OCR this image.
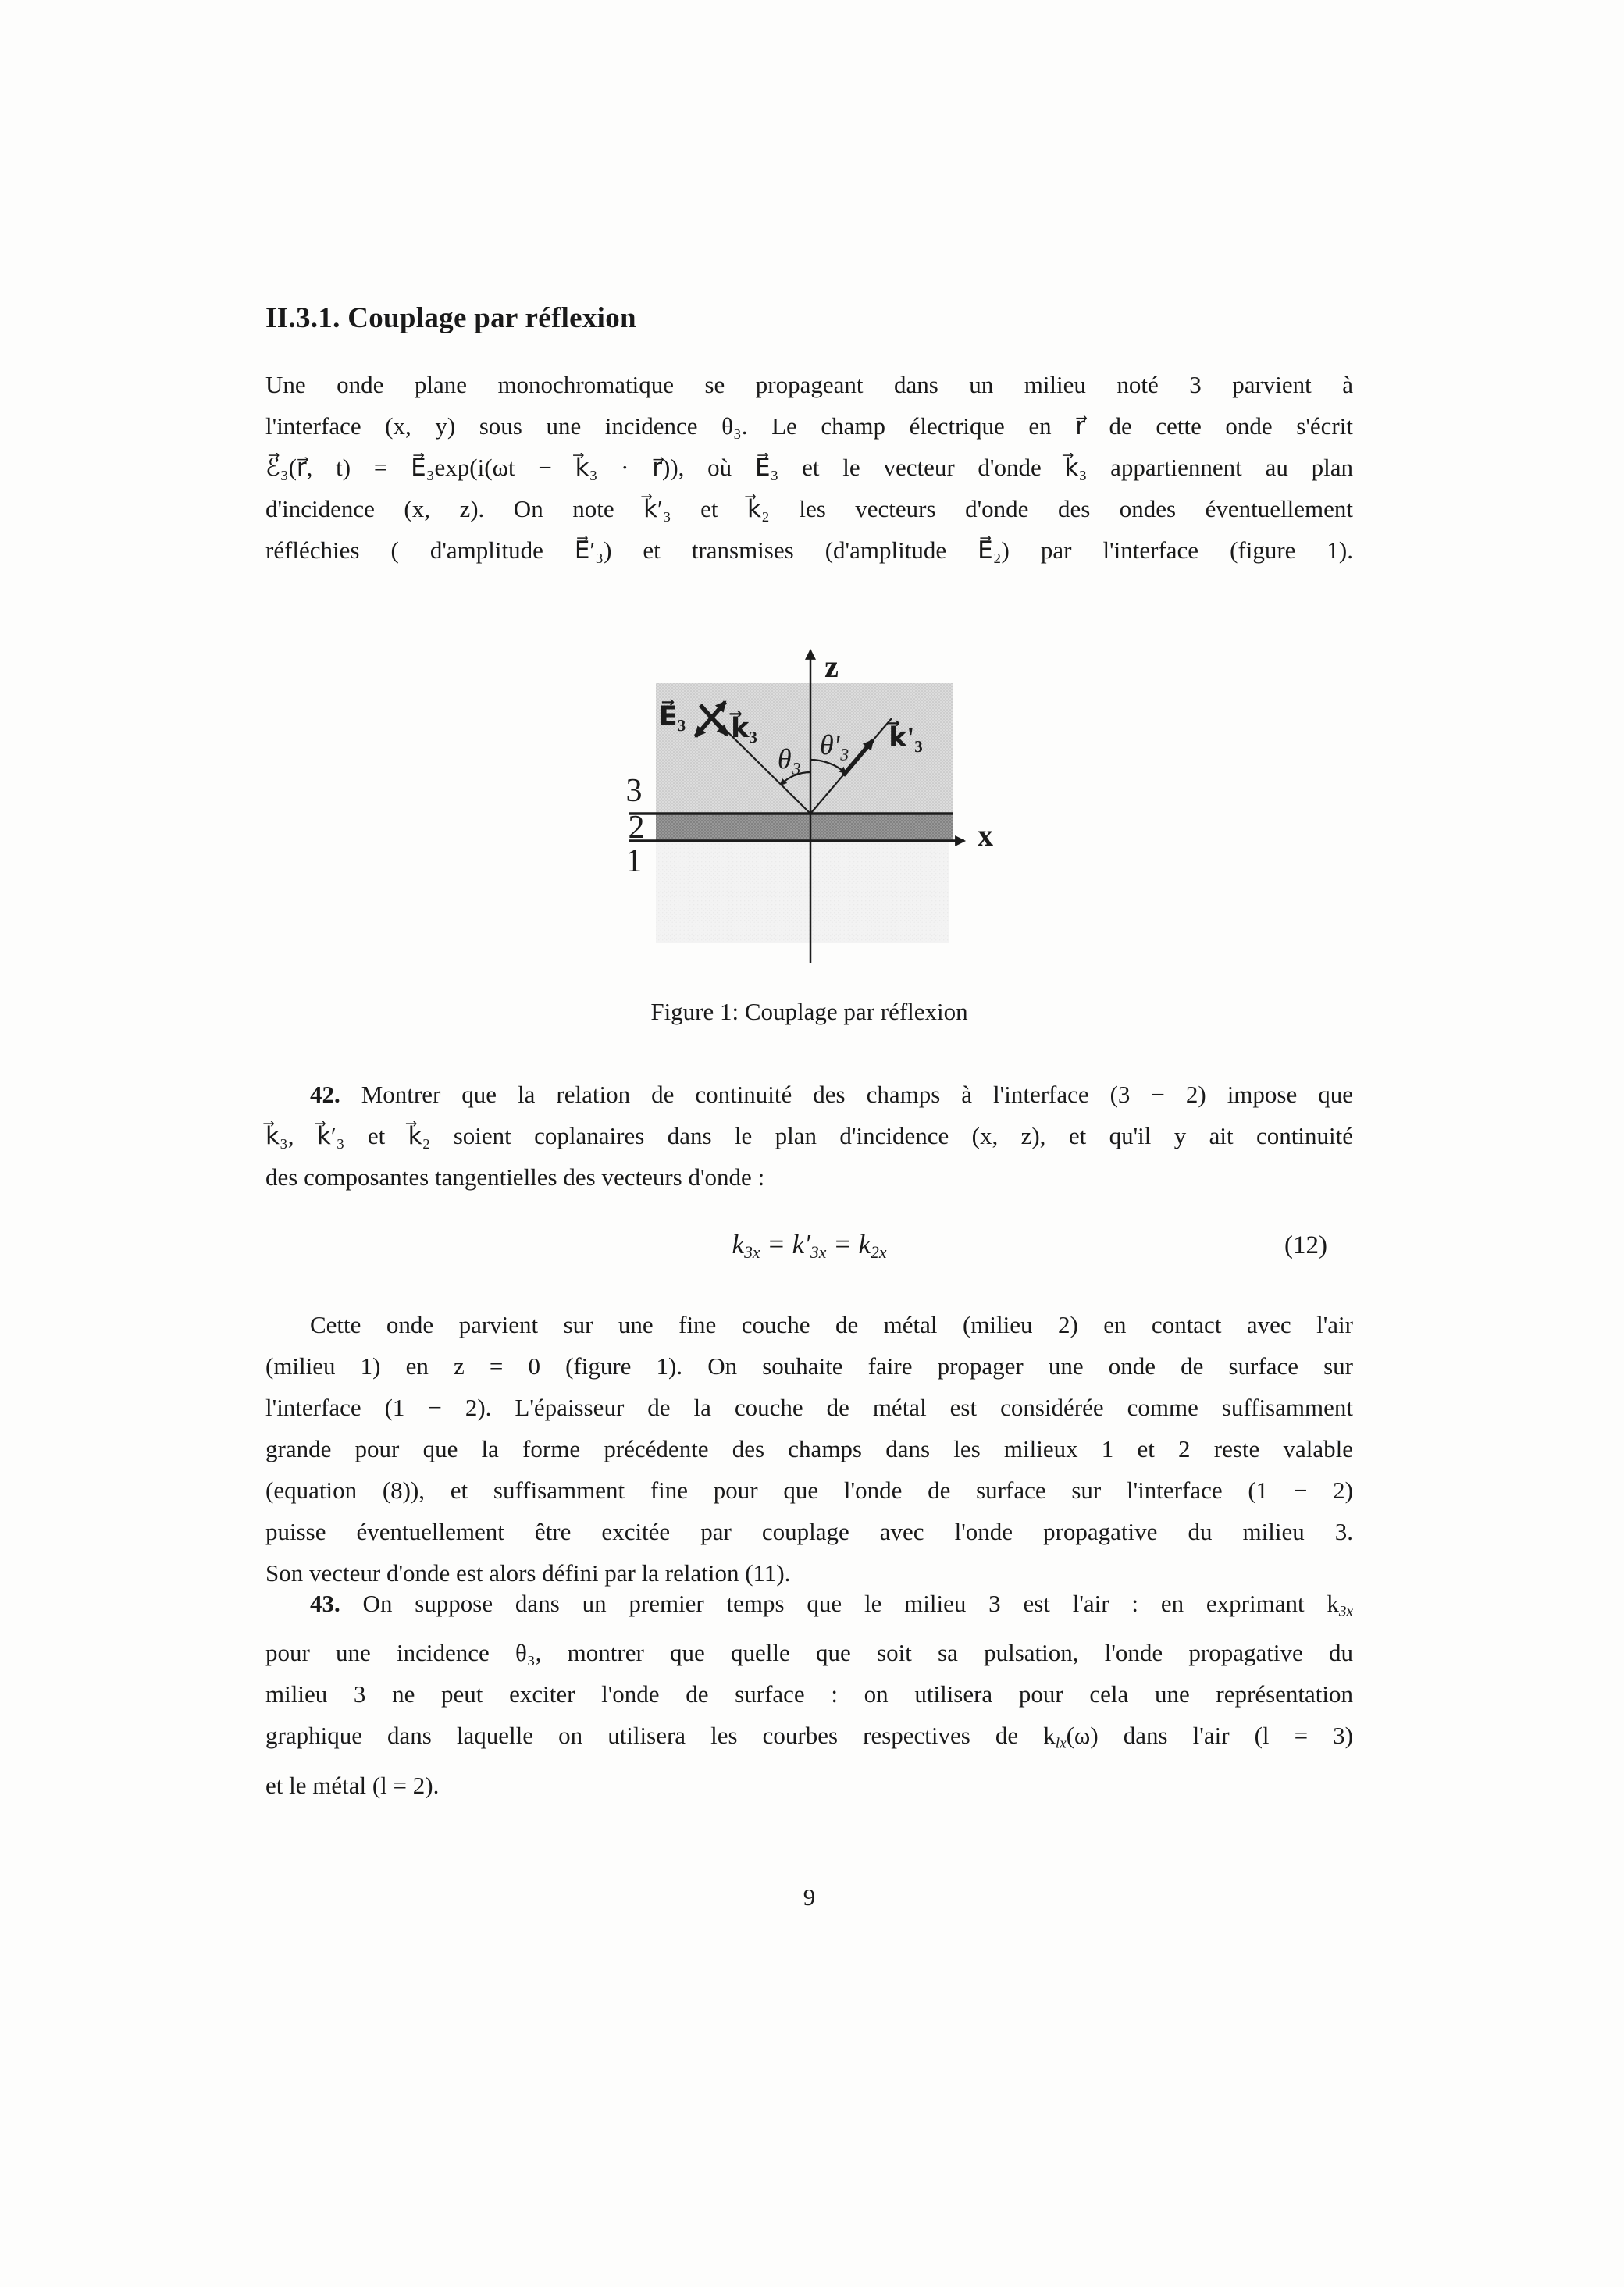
II.3.1. Couplage par réflexion
Une onde plane monochromatique se propageant dans un milieu noté 3 parvient à
l'interface (x, y) sous une incidence θ₃. Le champ électrique en r⃗ de cette onde s'écrit
ℰ⃗₃(r⃗, t) = E⃗₃exp(i(ωt − k⃗₃ · r⃗)), où E⃗₃ et le vecteur d'onde k⃗₃ appartiennent au plan
d'incidence (x, z). On note k⃗′₃ et k⃗₂ les vecteurs d'onde des ondes éventuellement
réfléchies ( d'amplitude E⃗′₃) et transmises (d'amplitude E⃗₂) par l'interface (figure 1).
z
x
3
2
1
E⃗₃ k⃗₃	k⃗'₃
θ₃ θ'₃
Figure 1: Couplage par réflexion
42. Montrer que la relation de continuité des champs à l'interface (3 − 2) impose que
k⃗₃, k⃗′₃ et k⃗₂ soient coplanaires dans le plan d'incidence (x, z), et qu'il y ait continuité
des composantes tangentielles des vecteurs d'onde :
$k_{3x} = k'_{3x} = k_{2x}$	(12)
Cette onde parvient sur une fine couche de métal (milieu 2) en contact avec l'air
(milieu 1) en z = 0 (figure 1). On souhaite faire propager une onde de surface sur
l'interface (1 − 2). L'épaisseur de la couche de métal est considérée comme suffisamment
grande pour que la forme précédente des champs dans les milieux 1 et 2 reste valable
(equation (8)), et suffisamment fine pour que l'onde de surface sur l'interface (1 − 2)
puisse éventuellement être excitée par couplage avec l'onde propagative du milieu 3.
Son vecteur d'onde est alors défini par la relation (11).
43. On suppose dans un premier temps que le milieu 3 est l'air : en exprimant $k_{3x}$
pour une incidence θ₃, montrer que quelle que soit sa pulsation, l'onde propagative du
milieu 3 ne peut exciter l'onde de surface : on utilisera pour cela une représentation
graphique dans laquelle on utilisera les courbes respectives de $k_{lx}(\omega)$ dans l'air (l = 3)
et le métal (l = 2).
9
